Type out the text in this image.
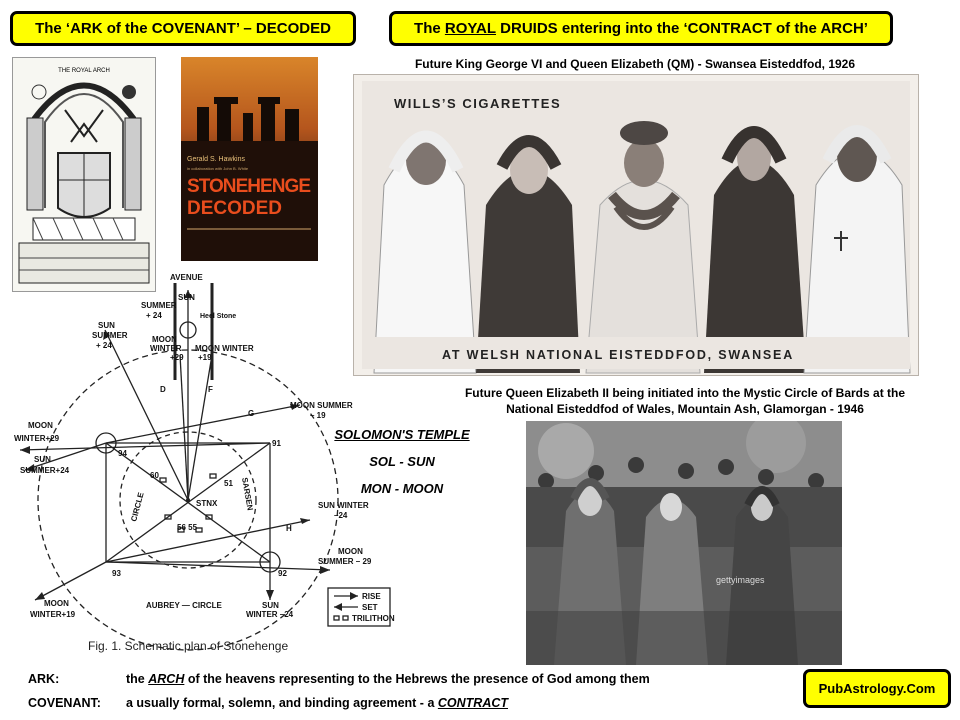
The ‘ARK of the COVENANT’ – DECODED	The ROYAL DRUIDS entering into the ‘CONTRACT of the ARCH’
THE ROYAL ARCH
Gerald S. Hawkins
in collaboration with John B. White
STONEHENGE
DECODED
Future King George VI and Queen Elizabeth (QM) - Swansea Eisteddfod, 1926
WILLS’S CIGARETTES
AT WELSH NATIONAL EISTEDDFOD, SWANSEA
Future Queen Elizabeth II being initiated into the Mystic Circle of Bards at the
National Eisteddfod of Wales, Mountain Ash, Glamorgan - 1946
gettyimages
AVENUE
SUN
SUMMER
+ 24	Heel Stone
SUN
SUMMER
+ 24
MOON
WINTER
+29
MOON WINTER
+19
D	F
G
MOON SUMMER
– 19
MOON
WINTER+29
SUN
SUMMER+24
94
91
93	92
60
51
56 55
STNX
CIRCLE	SARSEN
H
SUN WINTER
–24
MOON
SUMMER – 29
MOON
WINTER+19
AUBREY — CIRCLE	SUN
WINTER –24
RISE
SET
TRILITHON
Fig. 1. Schematic plan of Stonehenge
SOLOMON'S TEMPLE
SOL - SUN
MON - MOON
ARK:	the ARCH of the heavens representing to the Hebrews the presence of God among them
COVENANT: a usually formal, solemn, and binding agreement - a CONTRACT
PubAstrology.Com
